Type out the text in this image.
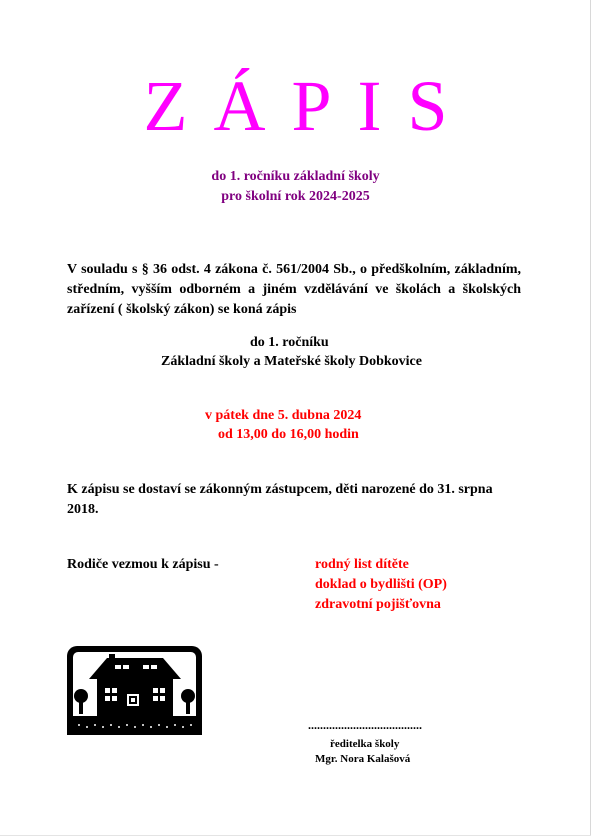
ZÁPIS
do 1. ročníku základní školy
pro školní rok 2024-2025
V souladu s § 36 odst. 4 zákona č. 561/2004 Sb., o předškolním, základním, středním, vyšším odborném a jiném vzdělávání ve školách a školských zařízení ( školský zákon) se koná zápis
do 1. ročníku
Základní školy a Mateřské školy Dobkovice
v pátek dne 5. dubna 2024
od 13,00 do 16,00 hodin
K zápisu se dostaví se zákonným zástupcem, děti narozené do 31. srpna 2018.
Rodiče vezmou k zápisu -	rodný list dítěte
doklad o bydlišti (OP)
zdravotní pojišťovna
......................................
ředitelka školy
Mgr. Nora Kalašová
